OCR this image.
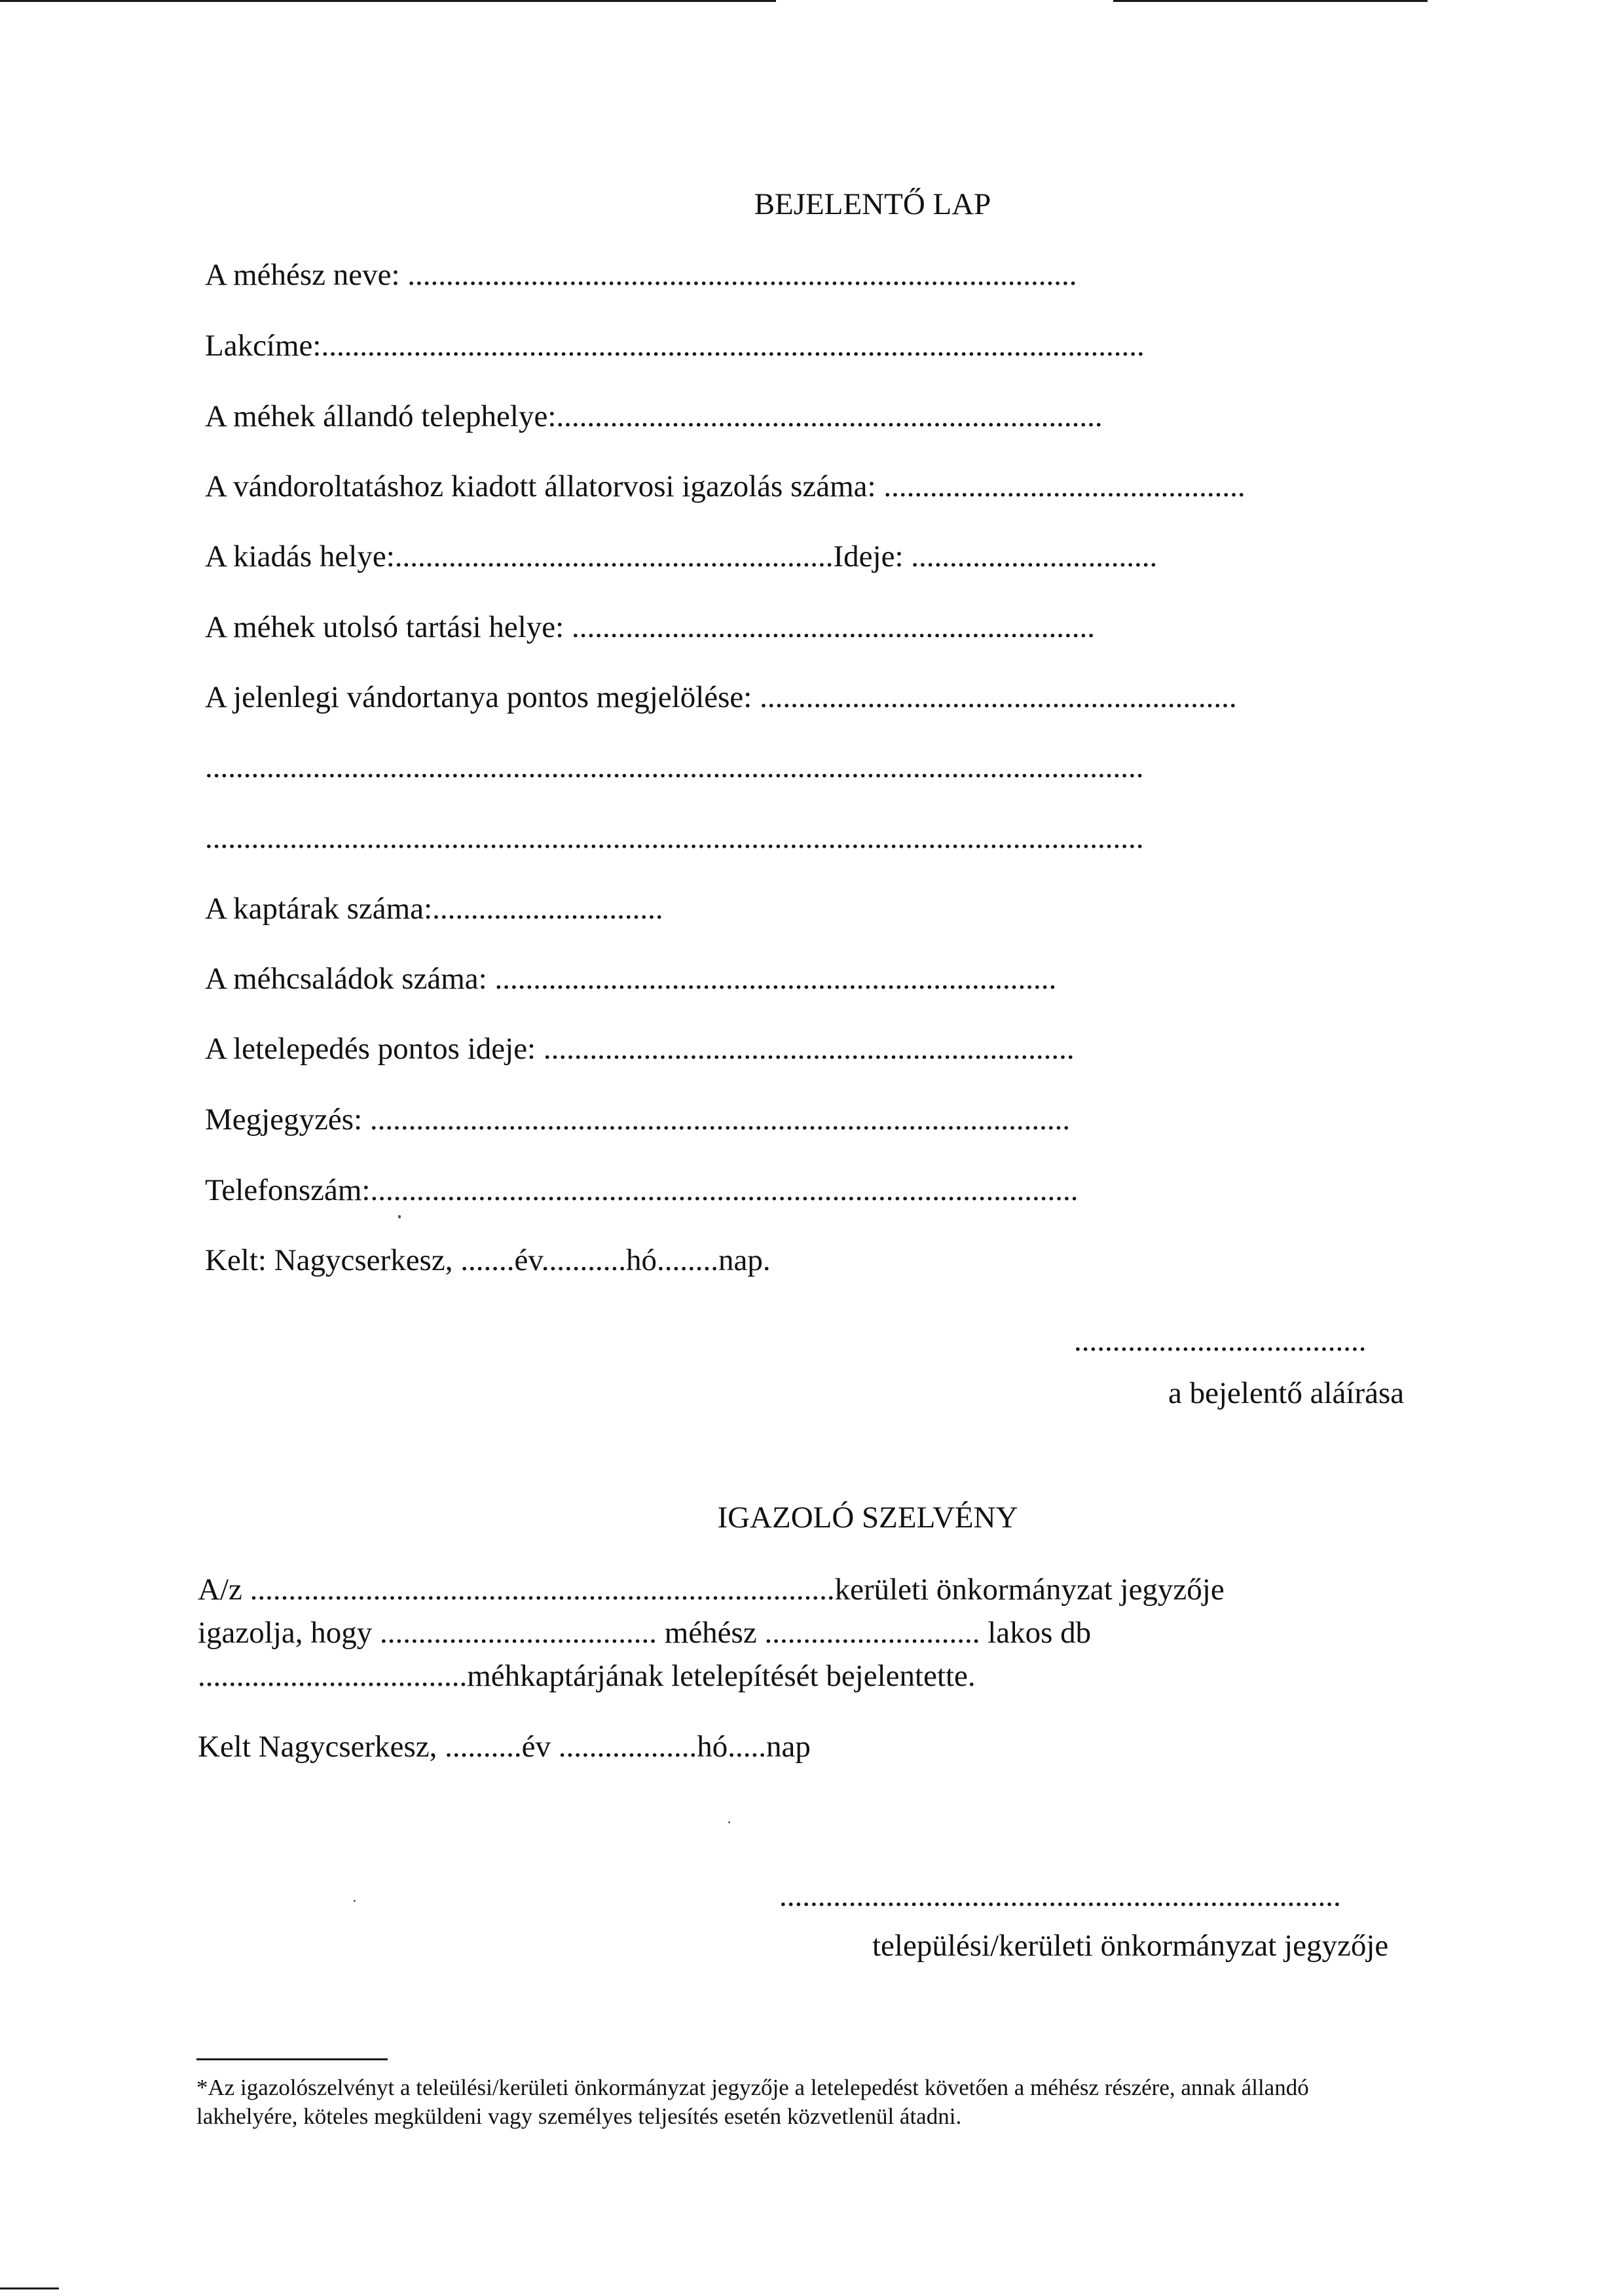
BEJELENTŐ LAP
A méhész neve: .......................................................................................
Lakcíme:...........................................................................................................
A méhek állandó telephelye:.......................................................................
A vándoroltatáshoz kiadott állatorvosi igazolás száma: ...............................................
A kiadás helye:.........................................................Ideje: ................................
A méhek utolsó tartási helye: ....................................................................
A jelenlegi vándortanya pontos megjelölése: ..............................................................
..........................................................................................................................
..........................................................................................................................
A kaptárak száma:..............................
A méhcsaládok száma: .........................................................................
A letelepedés pontos ideje: .....................................................................
Megjegyzés: ...........................................................................................
Telefonszám:............................................................................................
Kelt: Nagycserkesz, .......év...........hó........nap.
......................................
a bejelentő aláírása
IGAZOLÓ SZELVÉNY
A/z ............................................................................kerületi önkormányzat jegyzője
igazolja, hogy .................................... méhész ............................ lakos db
...................................méhkaptárjának letelepítését bejelentette.
Kelt Nagycserkesz, ..........év ..................hó.....nap
.........................................................................
települési/kerületi önkormányzat jegyzője
*Az igazolószelvényt a teleülési/kerületi önkormányzat jegyzője a letelepedést követően a méhész részére, annak állandó
lakhelyére, köteles megküldeni vagy személyes teljesítés esetén közvetlenül átadni.
